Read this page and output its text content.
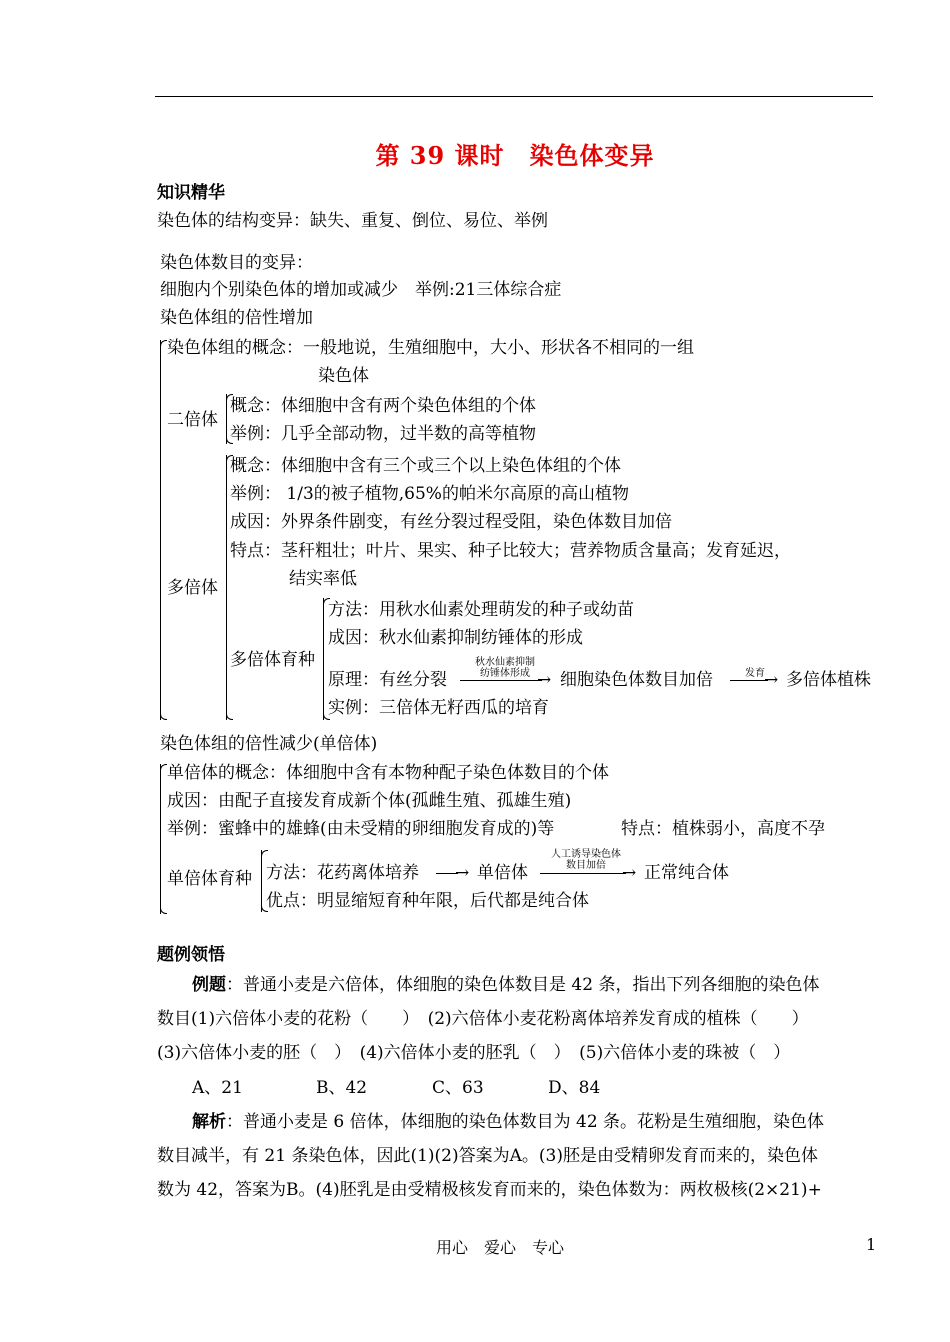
第 39 课时　染色体变异
知识精华
染色体的结构变异：缺失、重复、倒位、易位、举例
染色体数目的变异：
细胞内个别染色体的增加或减少　举例:21三体综合症
染色体组的倍性增加
染色体组的概念：一般地说，生殖细胞中，大小、形状各不相同的一组
染色体
二倍体
概念：体细胞中含有两个染色体组的个体
举例：几乎全部动物，过半数的高等植物
多倍体
概念：体细胞中含有三个或三个以上染色体组的个体
举例： 1/3的被子植物,65%的帕米尔高原的高山植物
成因：外界条件剧变，有丝分裂过程受阻，染色体数目加倍
特点：茎秆粗壮；叶片、果实、种子比较大；营养物质含量高；发育延迟，
结实率低
多倍体育种
方法：用秋水仙素处理萌发的种子或幼苗
成因：秋水仙素抑制纺锤体的形成
原理：有丝分裂
秋水仙素抑制
纺锤体形成 → 细胞染色体数目加倍	发育 → 多倍体植株
实例：三倍体无籽西瓜的培育
染色体组的倍性减少(单倍体)
单倍体的概念：体细胞中含有本物种配子染色体数目的个体
成因：由配子直接发育成新个体(孤雌生殖、孤雄生殖)
举例：蜜蜂中的雄蜂(由未受精的卵细胞发育成的)等	特点：植株弱小，高度不孕
单倍体育种 方法：花药离体培养 → 单倍体
人工诱导染色体
数目加倍 → 正常纯合体
优点：明显缩短育种年限，后代都是纯合体
题例领悟
例题：普通小麦是六倍体，体细胞的染色体数目是 42 条，指出下列各细胞的染色体
数目(1)六倍体小麦的花粉（　　）　(2)六倍体小麦花粉离体培养发育成的植株（　　）
(3)六倍体小麦的胚（　）　(4)六倍体小麦的胚乳（　）　(5)六倍体小麦的珠被（　）
A、21	B、42	C、63	D、84
解析：普通小麦是 6 倍体，体细胞的染色体数目为 42 条。花粉是生殖细胞，染色体
数目减半，有 21 条染色体，因此(1)(2)答案为A。(3)胚是由受精卵发育而来的，染色体
数为 42，答案为B。(4)胚乳是由受精极核发育而来的，染色体数为：两枚极核(2×21)+
用心　爱心　专心	1
